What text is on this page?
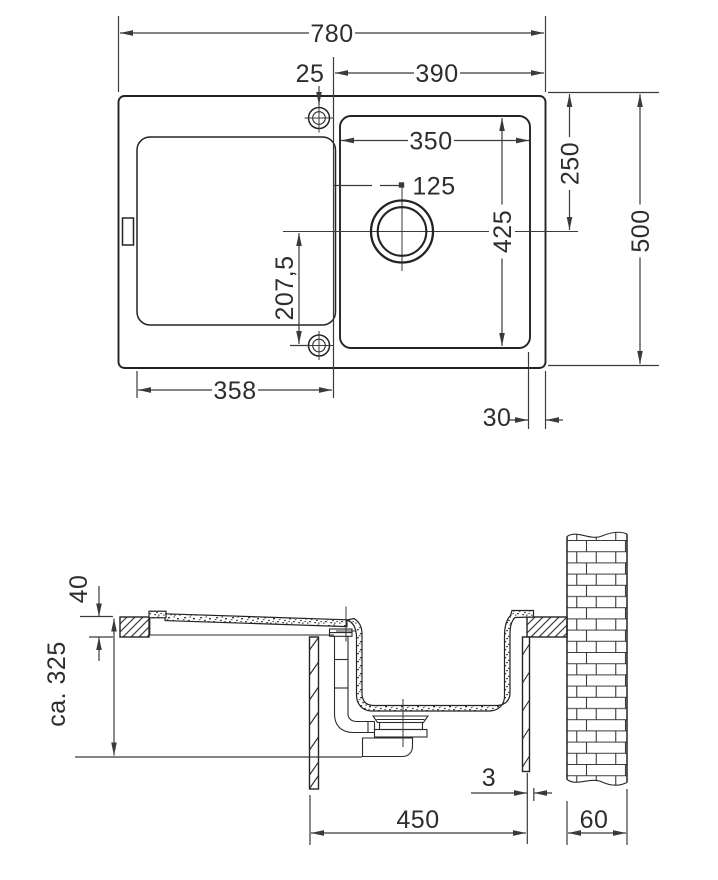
780
390
25
350
125
425
250
500
207,5
358
30
40
ca. 325
3
450	60
